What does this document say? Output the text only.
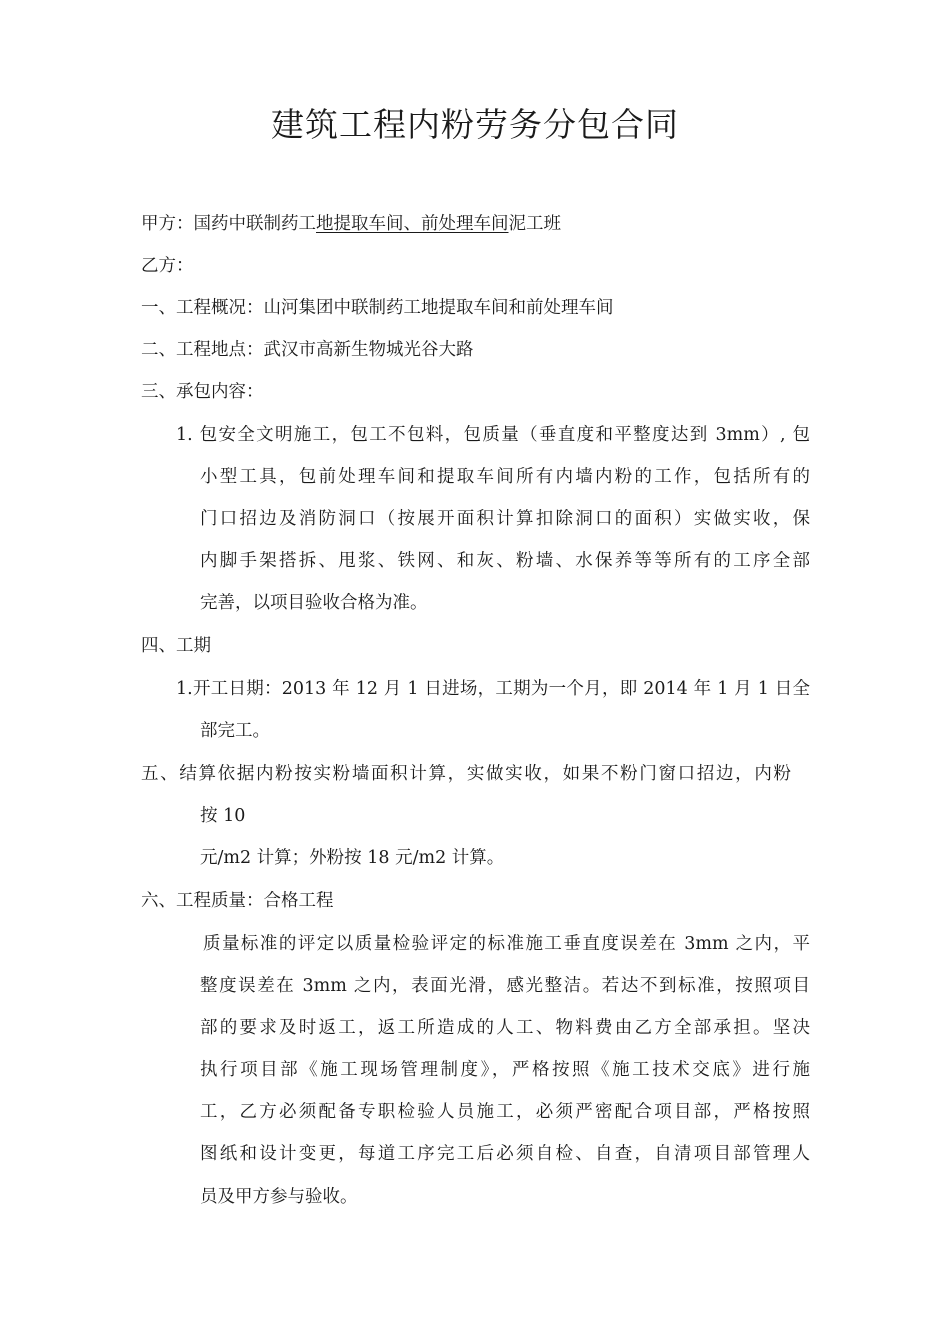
建筑工程内粉劳务分包合同
甲方：国药中联制药工地提取车间、前处理车间泥工班
乙方：
一、工程概况：山河集团中联制药工地提取车间和前处理车间
二、工程地点：武汉市高新生物城光谷大路
三、承包内容：
1. 包安全文明施工，包工不包料，包质量（垂直度和平整度达到 3mm）, 包
小型工具，包前处理车间和提取车间所有内墙内粉的工作，包括所有的
门口招边及消防洞口（按展开面积计算扣除洞口的面积）实做实收，保
内脚手架搭拆、甩浆、铁网、和灰、粉墙、水保养等等所有的工序全部
完善，以项目验收合格为准。
四、工期
1.开工日期：2013 年 12 月 1 日进场，工期为一个月，即 2014 年 1 月 1 日全
部完工。
五、结算依据内粉按实粉墙面积计算，实做实收，如果不粉门窗口招边，内粉
按 10
元/m2 计算；外粉按 18 元/m2 计算。
六、工程质量：合格工程
质量标准的评定以质量检验评定的标准施工垂直度误差在 3mm 之内，平
整度误差在 3mm 之内，表面光滑，感光整洁。若达不到标准，按照项目
部的要求及时返工，返工所造成的人工、物料费由乙方全部承担。坚决
执行项目部《施工现场管理制度》，严格按照《施工技术交底》进行施
工，乙方必须配备专职检验人员施工，必须严密配合项目部，严格按照
图纸和设计变更，每道工序完工后必须自检、自查，自清项目部管理人
员及甲方参与验收。
